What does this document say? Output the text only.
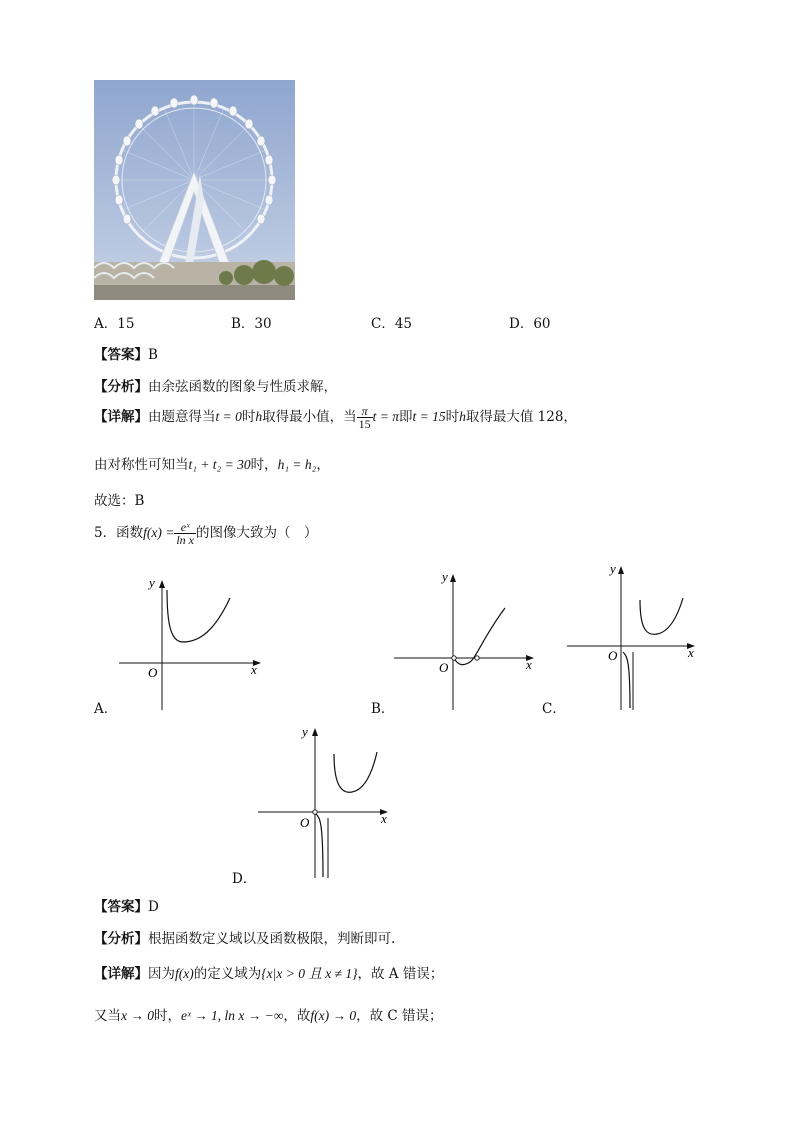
A．15	B．30	C．45	D．60
【答案】B
【分析】由余弦函数的图象与性质求解，
【详解】由题意得当t = 0时h取得最小值，当 $\frac{\pi}{15}$ t = π即t = 15时h取得最大值 128，
由对称性可知当t₁ + t₂ = 30时，h₁ = h₂，
故选：B
5．函数$f(x) = \frac{\text{eˣ}}{\text{ln x}}$ 的图像大致为（　）
x
y
O
A．
x
y
O
B．
x
y
O
C．
x
y
O
D．
【答案】D
【分析】根据函数定义域以及函数极限，判断即可.
【详解】因为f(x)的定义域为{x|x > 0 且 x ≠ 1}，故 A 错误；
又当x → 0时，eˣ → 1, ln x → −∞，故f(x) → 0，故 C 错误；
